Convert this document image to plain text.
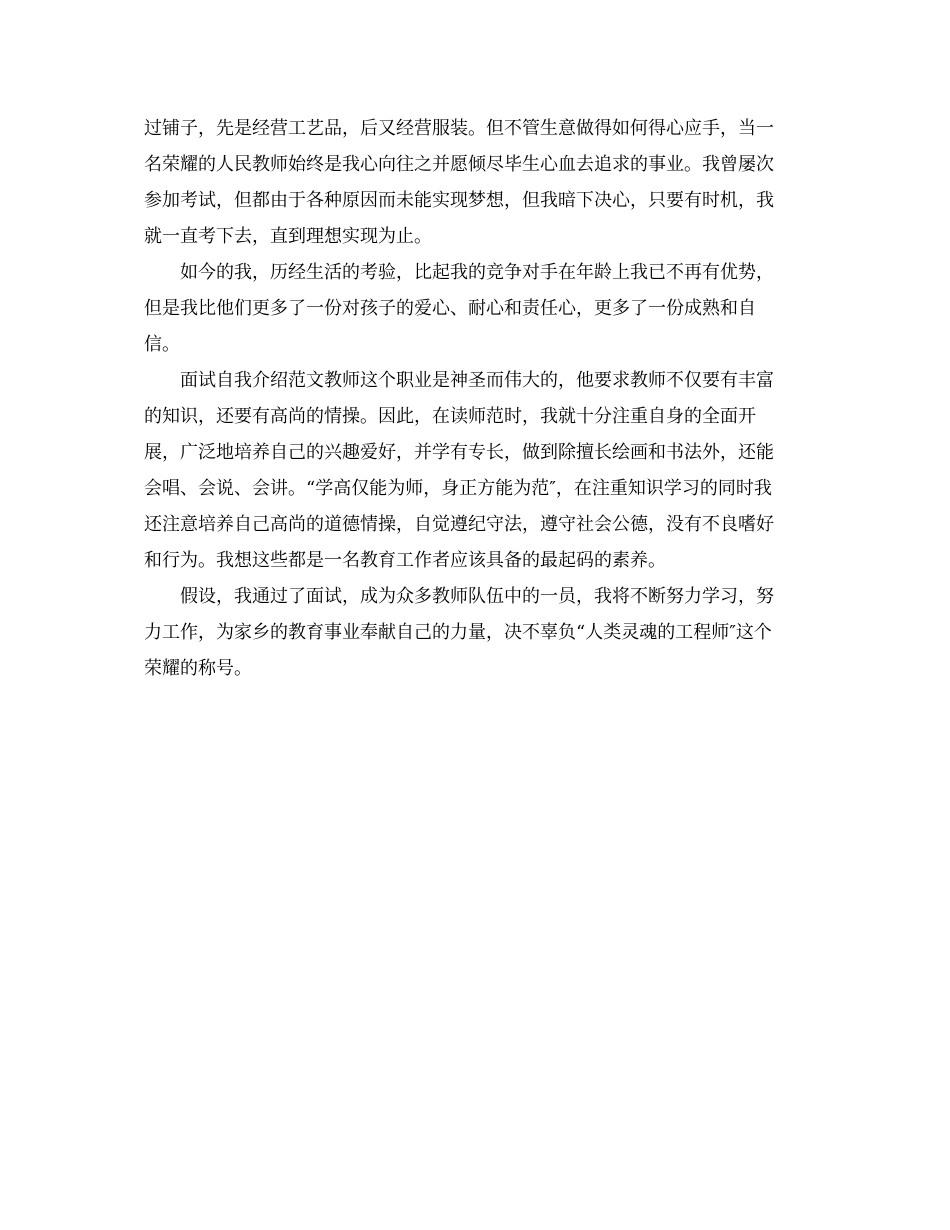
过铺子，先是经营工艺品，后又经营服装。但不管生意做得如何得心应手，当一
名荣耀的人民教师始终是我心向往之并愿倾尽毕生心血去追求的事业。我曾屡次
参加考试，但都由于各种原因而未能实现梦想，但我暗下决心，只要有时机，我
就一直考下去，直到理想实现为止。
如今的我，历经生活的考验，比起我的竞争对手在年龄上我已不再有优势，
但是我比他们更多了一份对孩子的爱心、耐心和责任心，更多了一份成熟和自
信。
面试自我介绍范文教师这个职业是神圣而伟大的，他要求教师不仅要有丰富
的知识，还要有高尚的情操。因此，在读师范时，我就十分注重自身的全面开
展，广泛地培养自己的兴趣爱好，并学有专长，做到除擅长绘画和书法外，还能
会唱、会说、会讲。“学高仅能为师，身正方能为范″，在注重知识学习的同时我
还注意培养自己高尚的道德情操，自觉遵纪守法，遵守社会公德，没有不良嗜好
和行为。我想这些都是一名教育工作者应该具备的最起码的素养。
假设，我通过了面试，成为众多教师队伍中的一员，我将不断努力学习，努
力工作，为家乡的教育事业奉献自己的力量，决不辜负“人类灵魂的工程师″这个
荣耀的称号。
